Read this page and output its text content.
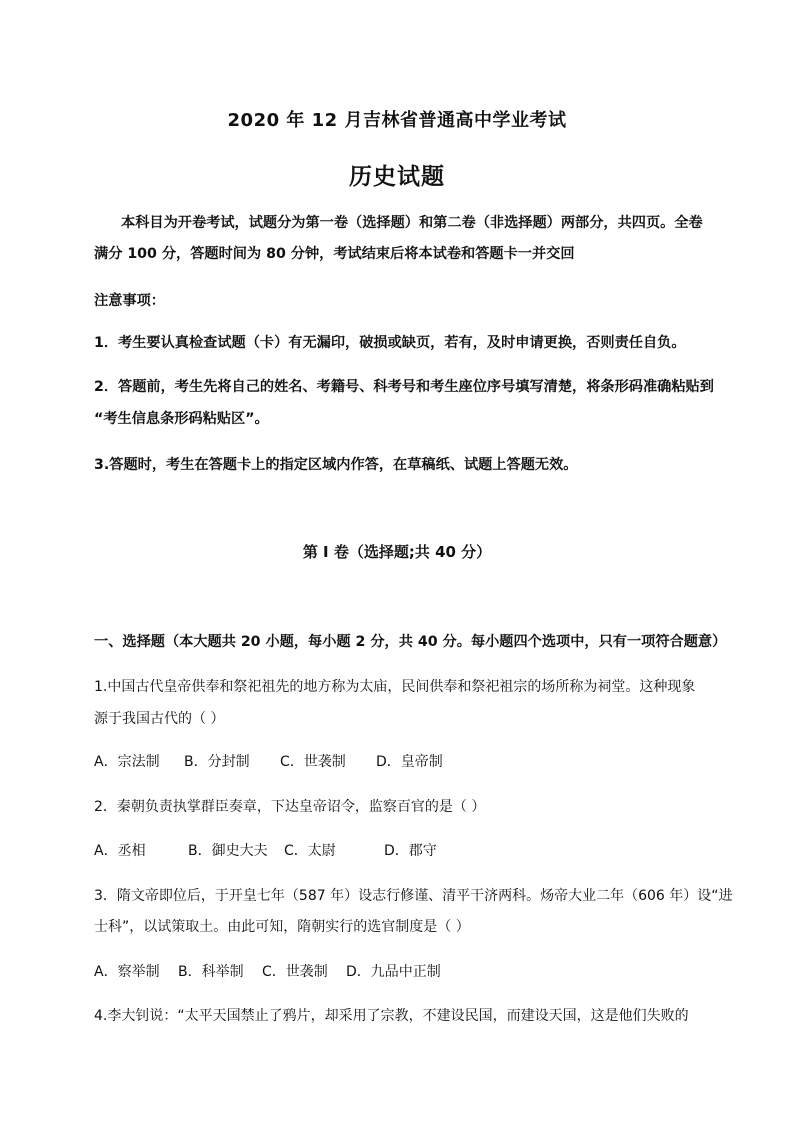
2020 年 12 月吉林省普通高中学业考试
历史试题
本科目为开卷考试，试题分为第一卷（选择题）和第二卷（非选择题）两部分，共四页。全卷
满分 100 分，答题时间为 80 分钟，考试结束后将本试卷和答题卡一并交回
注意事项：
1．考生要认真检查试题（卡）有无漏印，破损或缺页，若有，及时申请更换，否则责任自负。
2．答题前，考生先将自己的姓名、考籍号、科考号和考生座位序号填写清楚，将条形码准确粘贴到
“考生信息条形码粘贴区”。
3.答题时，考生在答题卡上的指定区域内作答，在草稿纸、试题上答题无效。
第 I 卷（选择题;共 40 分）
一、选择题（本大题共 20 小题，每小题 2 分，共 40 分。每小题四个选项中，只有一项符合题意）
1.中国古代皇帝供奉和祭祀祖先的地方称为太庙，民间供奉和祭祀祖宗的场所称为祠堂。这种现象
源于我国古代的（ ）
A．宗法制 B．分封制 C．世袭制 D．皇帝制
2．秦朝负责执掌群臣奏章，下达皇帝诏令，监察百官的是（ ）
A．丞相	B．御史大夫 C．太尉	D．郡守
3．隋文帝即位后，于开皇七年（587 年）设志行修谨、清平干济两科。炀帝大业二年（606 年）设“进
士科”，以试策取土。由此可知，隋朝实行的选官制度是（ ）
A．察举制 B．科举制 C．世袭制 D．九品中正制
4.李大钊说：“太平天国禁止了鸦片，却采用了宗教，不建设民国，而建设天国，这是他们失败的
